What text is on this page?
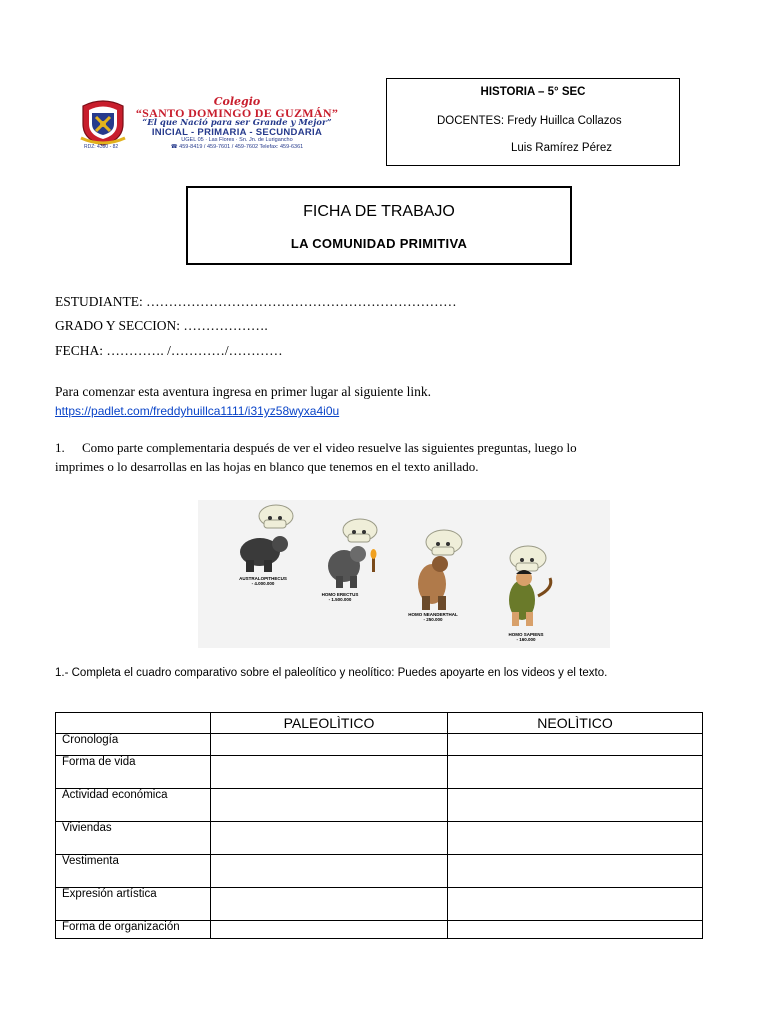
Colegio
“SANTO DOMINGO DE GUZMÁN”
“El que Nació para ser Grande y Mejor”
INICIAL - PRIMARIA - SECUNDARIA
UGEL 05 · Las Flores · Sn. Jn. de Lurigancho
☎ 459-8419 / 459-7601 / 459-7602 Telefax: 459-6361
RDZ: 4390 - 82
HISTORIA – 5° SEC
DOCENTES: Fredy Huillca Collazos
Luis Ramírez Pérez
FICHA DE TRABAJO
LA COMUNIDAD PRIMITIVA
ESTUDIANTE: ……………………………………………………………
GRADO Y SECCION: ……………….
FECHA: …………. /…………/…………
Para comenzar esta aventura ingresa en primer lugar al siguiente link.
https://padlet.com/freddyhuillca1111/i31yz58wyxa4i0u
1. Como parte complementaria después de ver el video resuelve las siguientes preguntas, luego lo
imprimes o lo desarrollas en las hojas en blanco que tenemos en el texto anillado.
AUSTRALOPITHECUS
- 4.000.000
HOMO ERECTUS
- 1.500.000
HOMO NEANDERTHAL
- 250.000
HOMO SAPIENS
- 160.000
1.- Completa el cuadro comparativo sobre el paleolítico y neolítico: Puedes apoyarte en los videos y el texto.
	PALEOLÌTICO	NEOLÌTICO
Cronología		
Forma de vida		
Actividad económica		
Viviendas		
Vestimenta		
Expresión artística		
Forma de organización		
